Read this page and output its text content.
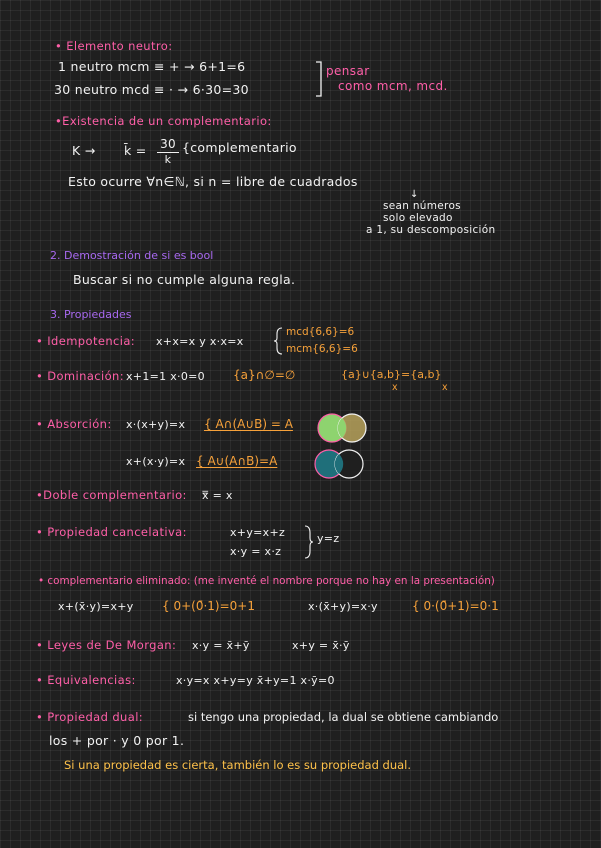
• Elemento neutro:
1 neutro mcm ≡ + → 6+1=6
30 neutro mcd ≡ · → 6·30=30
pensar
como mcm, mcd.
•Existencia de un complementario:
K → k̄ = 30
k
{complementario
Esto ocurre ∀n∈ℕ, si n = libre de cuadrados
↓
sean números
solo elevado
a 1, su descomposición
2. Demostración de si es bool
Buscar si no cumple alguna regla.
3. Propiedades
• Idempotencia: x+x=x y x·x=x
mcd{6,6}=6
mcm{6,6}=6
• Dominación: x+1=1 x·0=0 {a}∩∅=∅	{a}∪{a,b}={a,b}
x	x
• Absorción: x·(x+y)=x { A∩(A∪B) = A
x+(x·y)=x { A∪(A∩B)=A
•Doble complementario: x̿ = x
• Propiedad cancelativa:	x+y=x+z
x·y = x·z
y=z
• complementario eliminado: (me inventé el nombre porque no hay en la presentación)
x+(x̄·y)=x+y { 0+(0̄·1)=0+1	x·(x̄+y)=x·y	{ 0·(0̄+1)=0·1
• Leyes de De Morgan: x·y = x̄+ȳ	x+y = x̄·ȳ
• Equivalencias:	x·y=x x+y=y x̄+y=1 x·ȳ=0
• Propiedad dual:	si tengo una propiedad, la dual se obtiene cambiando
los + por · y 0 por 1.
Si una propiedad es cierta, también lo es su propiedad dual.
